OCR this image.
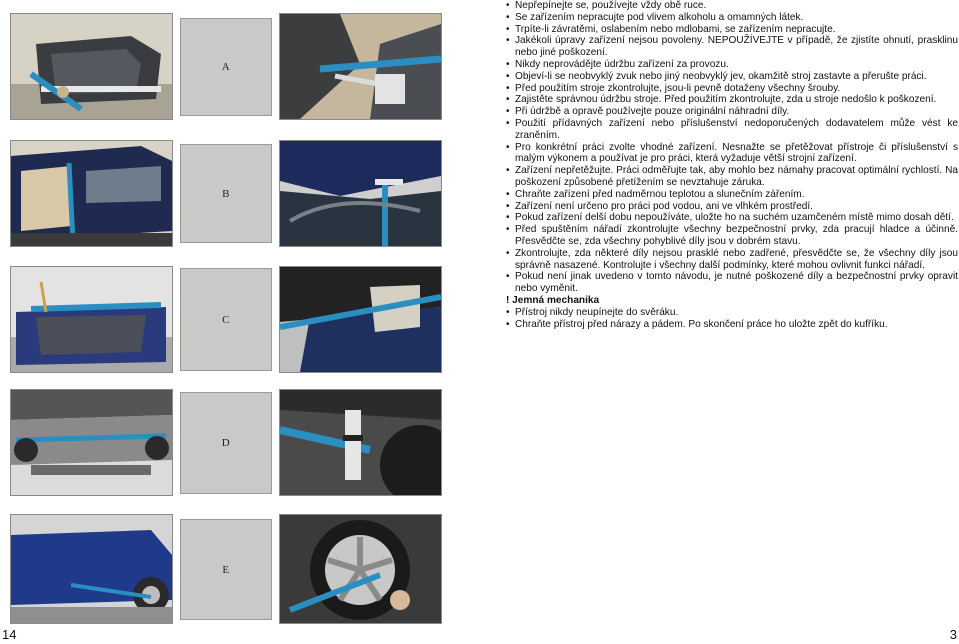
A
B
C
D
E
14	3
• Nepřepínejte se, používejte vždy obě ruce.
• Se zařízením nepracujte pod vlivem alkoholu a omamných látek.
• Trpíte-li závratěmi, oslabením nebo mdlobami, se zařízením nepracujte.
• Jakékoli úpravy zařízení nejsou povoleny. NEPOUŽÍVEJTE v případě, že zjistíte ohnutí, prasklinu nebo jiné poškození.
• Nikdy neprovádějte údržbu zařízení za provozu.
• Objeví-li se neobvyklý zvuk nebo jiný neobvyklý jev, okamžitě stroj zastavte a přerušte práci.
• Před použitím stroje zkontrolujte, jsou-li pevně dotaženy všechny šrouby.
• Zajistěte správnou údržbu stroje. Před použitím zkontrolujte, zda u stroje nedošlo k poškození.
• Při údržbě a opravě používejte pouze originální náhradní díly.
• Použití přídavných zařízení nebo příslušenství nedoporučených dodavatelem může vést ke zraněním.
• Pro konkrétní práci zvolte vhodné zařízení. Nesnažte se přetěžovat přístroje či příslušenství s malým výkonem a používat je pro práci, která vyžaduje větší strojní zařízení.
• Zařízení nepřetěžujte. Práci odměřujte tak, aby mohlo bez námahy pracovat optimální rychlostí. Na poškození způsobené přetížením se nevztahuje záruka.
• Chraňte zařízení před nadměrnou teplotou a slunečním zářením.
• Zařízení není určeno pro práci pod vodou, ani ve vlhkém prostředí.
• Pokud zařízení delší dobu nepoužíváte, uložte ho na suchém uzamčeném místě mimo dosah dětí.
• Před spuštěním nářadí zkontrolujte všechny bezpečnostní prvky, zda pracují hladce a účinně. Přesvědčte se, zda všechny pohyblivé díly jsou v dobrém stavu.
• Zkontrolujte, zda některé díly nejsou prasklé nebo zadřené, přesvědčte se, že všechny díly jsou správně nasazené. Kontrolujte i všechny další podmínky, které mohou ovlivnit funkci nářadí.
• Pokud není jinak uvedeno v tomto návodu, je nutné poškozené díly a bezpečnostní prvky opravit nebo vyměnit.
! Jemná mechanika
• Přístroj nikdy neupínejte do svěráku.
• Chraňte přístroj před nárazy a pádem. Po skončení práce ho uložte zpět do kufříku.
